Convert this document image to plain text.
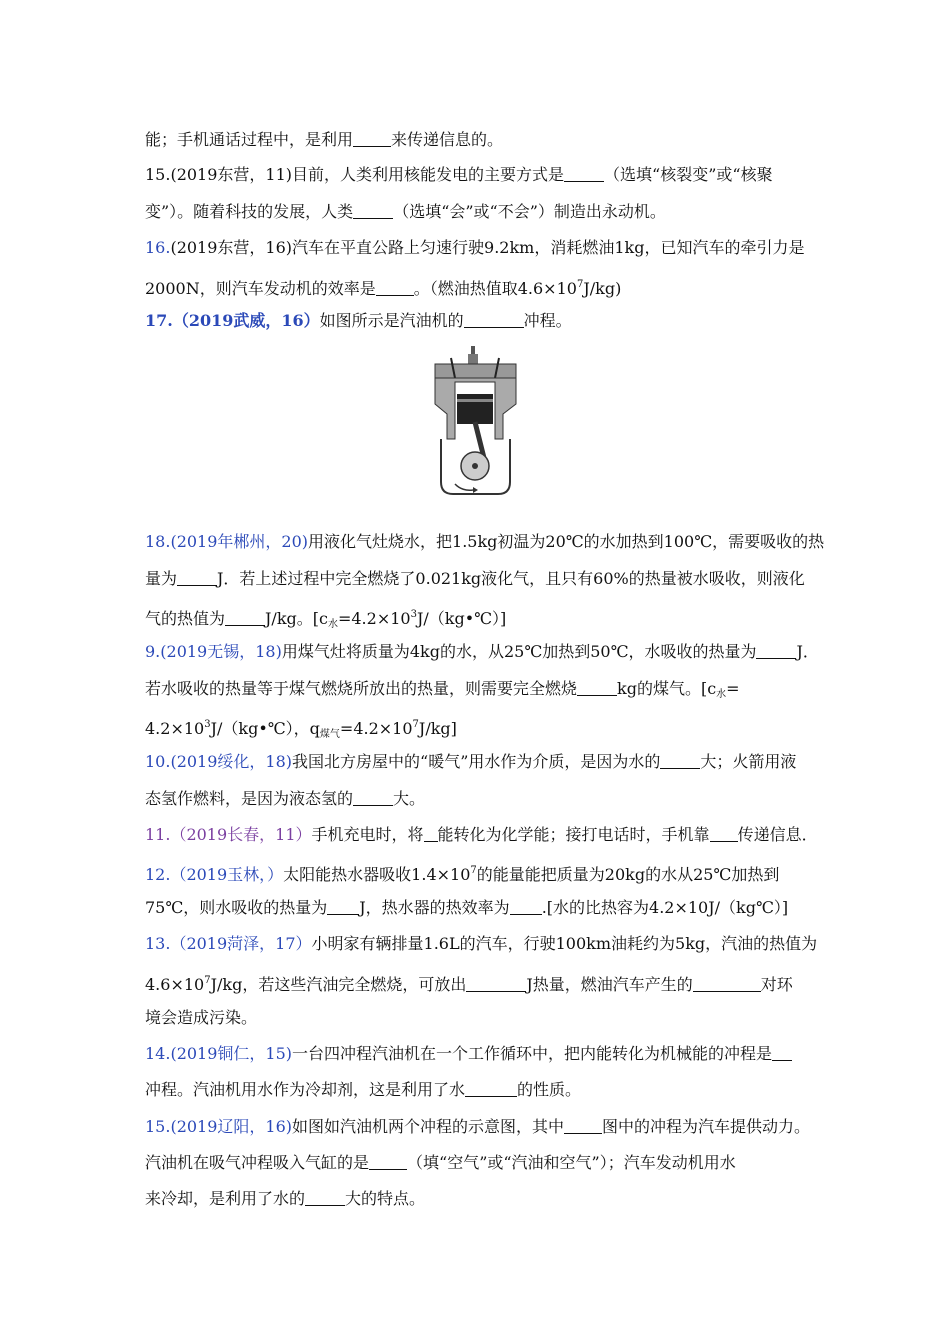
能；手机通话过程中，是利用 来传递信息的。
15.(2019东营，11)目前，人类利用核能发电的主要方式是	（选填“核裂变”或“核聚
变”）。随着科技的发展，人类	（选填“会”或“不会”）制造出永动机。
16.(2019东营，16)汽车在平直公路上匀速行驶9.2km，消耗燃油1kg，已知汽车的牵引力是
2000N，则汽车发动机的效率是 。（燃油热值取$4.6\times 10^7J/kg$)
17.（2019武威，16）如图所示是汽油机的	冲程。
18.(2019年郴州，20)用液化气灶烧水，把1.5kg初温为20℃的水加热到100℃，需要吸收的热
量为	J．若上述过程中完全燃烧了0.021kg液化气，且只有60%的热量被水吸收，则液化
气的热值为	J/kg。$[c_水=4.2\times 10^3J/(kg•℃)]$
9.(2019无锡，18)用煤气灶将质量为4kg的水，从25℃加热到50℃，水吸收的热量为	J．
若水吸收的热量等于煤气燃烧所放出的热量，则需要完全燃烧	kg的煤气。[$c_水=$
$4.2\times 10^3J/(kg•℃)$，$q_{煤气}=4.2\times 10^7J/kg$]
10.(2019绥化，18)我国北方房屋中的“暖气”用水作为介质，是因为水的	大；火箭用液
态氢作燃料，是因为液态氢的	大。
11.（2019长春，11）手机充电时，将 能转化为化学能；接打电话时，手机靠 传递信息．
12.（2019玉林，）太阳能热水器吸收$1.4\times 10^7$的能量能把质量为20kg的水从25℃加热到
75℃，则水吸收的热量为 J，热水器的热效率为 .[水的比热容为4.2×10J/（kg℃）]
13.（2019菏泽，17）小明家有辆排量1.6L的汽车，行驶100km油耗约为5kg，汽油的热值为
$4.6\times 10^7J/kg$，若这些汽油完全燃烧，可放出	J热量，燃油汽车产生的	对环
境会造成污染。
14.(2019铜仁，15)一台四冲程汽油机在一个工作循环中，把内能转化为机械能的冲程是
冲程。汽油机用水作为冷却剂，这是利用了水	的性质。
15.(2019辽阳，16)如图如汽油机两个冲程的示意图，其中 图中的冲程为汽车提供动力。
汽油机在吸气冲程吸入气缸的是 （填“空气”或“汽油和空气”）；汽车发动机用水
来冷却，是利用了水的	大的特点。
